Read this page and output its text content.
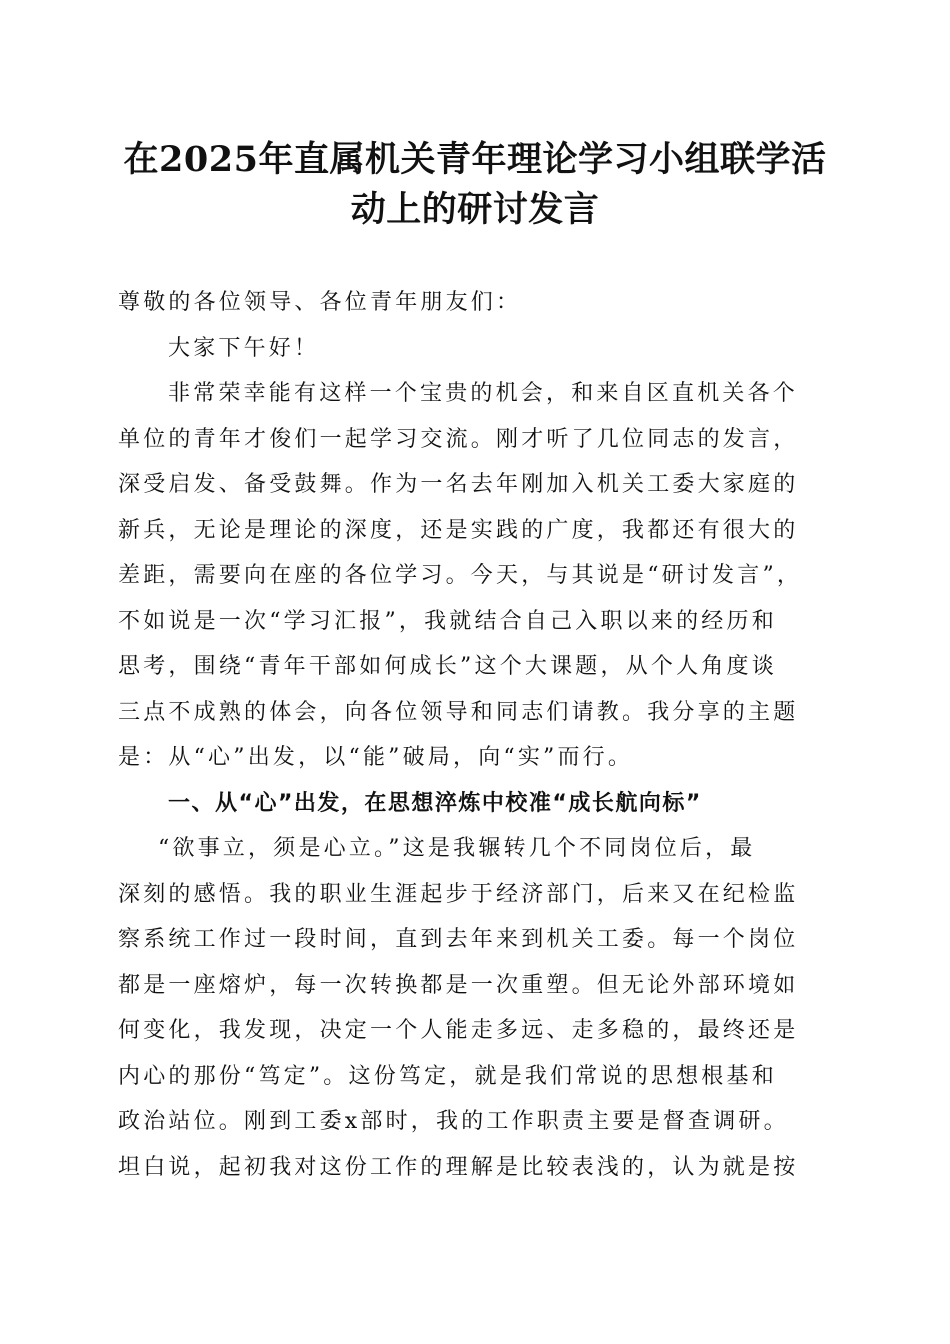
在2025年直属机关青年理论学习小组联学活
动上的研讨发言

尊敬的各位领导、各位青年朋友们：

大家下午好！

非常荣幸能有这样一个宝贵的机会，和来自区直机关各个
单位的青年才俊们一起学习交流。刚才听了几位同志的发言，
深受启发、备受鼓舞。作为一名去年刚加入机关工委大家庭的
新兵，无论是理论的深度，还是实践的广度，我都还有很大的
差距，需要向在座的各位学习。今天，与其说是“研讨发言”，
不如说是一次“学习汇报”，我就结合自己入职以来的经历和
思考，围绕“青年干部如何成长”这个大课题，从个人角度谈
三点不成熟的体会，向各位领导和同志们请教。我分享的主题
是：从“心”出发，以“能”破局，向“实”而行。

一、从“心”出发，在思想淬炼中校准“成长航向标”

“欲事立，须是心立。”这是我辗转几个不同岗位后，最
深刻的感悟。我的职业生涯起步于经济部门，后来又在纪检监
察系统工作过一段时间，直到去年来到机关工委。每一个岗位
都是一座熔炉，每一次转换都是一次重塑。但无论外部环境如
何变化，我发现，决定一个人能走多远、走多稳的，最终还是
内心的那份“笃定”。这份笃定，就是我们常说的思想根基和
政治站位。刚到工委x部时，我的工作职责主要是督查调研。
坦白说，起初我对这份工作的理解是比较表浅的，认为就是按
